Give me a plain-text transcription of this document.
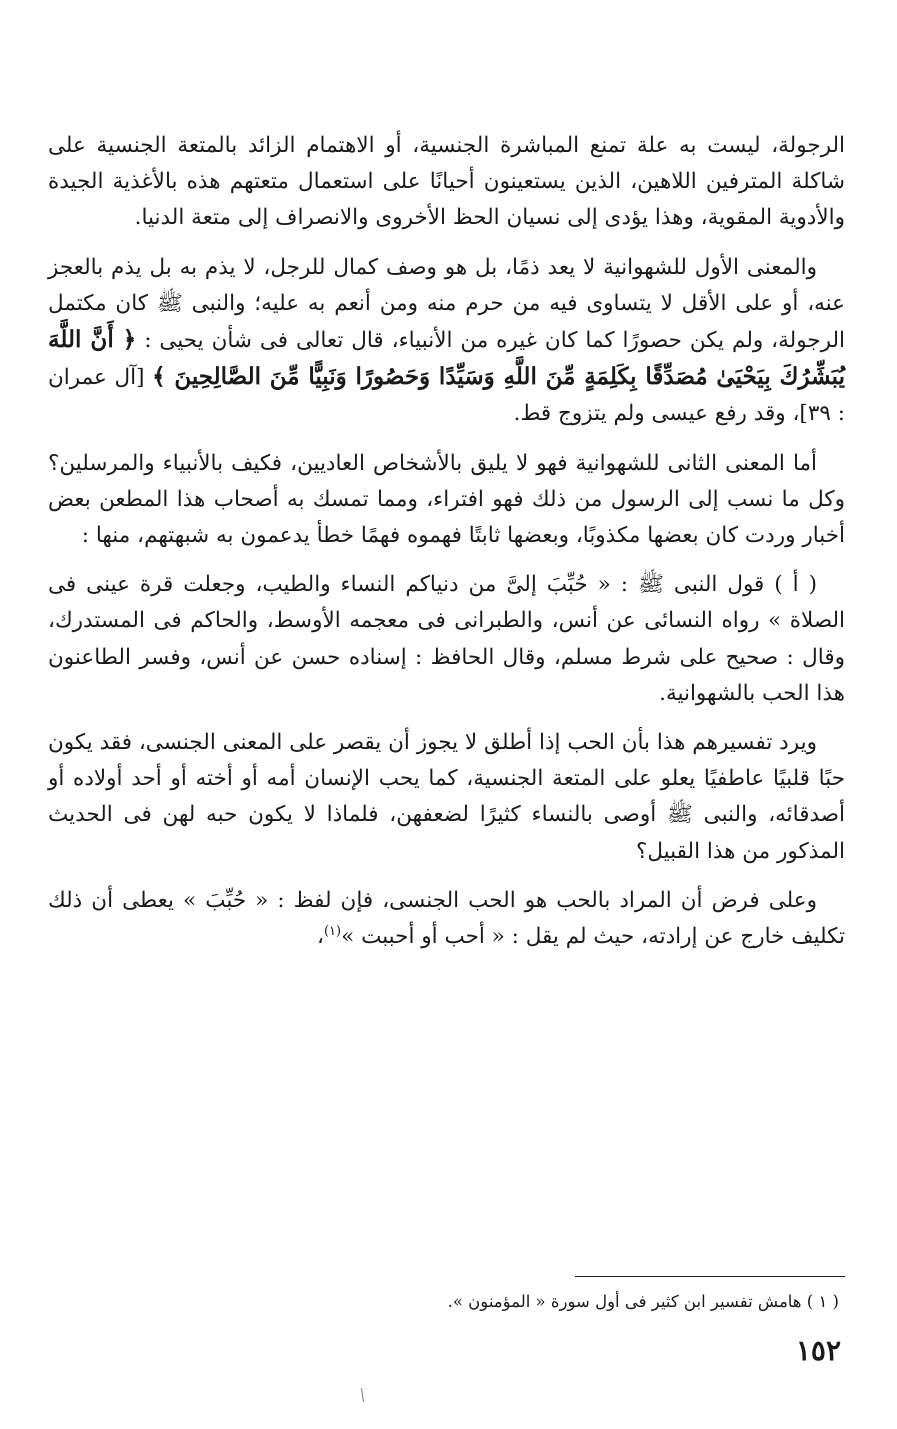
الرجولة، ليست به علة تمنع المباشرة الجنسية، أو الاهتمام الزائد بالمتعة الجنسية على شاكلة المترفين اللاهين، الذين يستعينون أحيانًا على استعمال متعتهم هذه بالأغذية الجيدة والأدوية المقوية، وهذا يؤدى إلى نسيان الحظ الأخروى والانصراف إلى متعة الدنيا.

والمعنى الأول للشهوانية لا يعد ذمًا، بل هو وصف كمال للرجل، لا يذم به بل يذم بالعجز عنه، أو على الأقل لا يتساوى فيه من حرم منه ومن أنعم به عليه؛ والنبى ﷺ كان مكتمل الرجولة، ولم يكن حصورًا كما كان غيره من الأنبياء، قال تعالى فى شأن يحيى : ﴿ أَنَّ اللَّهَ يُبَشِّرُكَ بِيَحْيَىٰ مُصَدِّقًا بِكَلِمَةٍ مِّنَ اللَّهِ وَسَيِّدًا وَحَصُورًا وَنَبِيًّا مِّنَ الصَّالِحِينَ ﴾ [آل عمران : ٣٩]، وقد رفع عيسى ولم يتزوج قط.

أما المعنى الثانى للشهوانية فهو لا يليق بالأشخاص العاديين، فكيف بالأنبياء والمرسلين؟ وكل ما نسب إلى الرسول من ذلك فهو افتراء، ومما تمسك به أصحاب هذا المطعن بعض أخبار وردت كان بعضها مكذوبًا، وبعضها ثابتًا فهموه فهمًا خطأ يدعمون به شبهتهم، منها :

( أ ) قول النبى ﷺ : « حُبِّبَ إلىَّ من دنياكم النساء والطيب، وجعلت قرة عينى فى الصلاة » رواه النسائى عن أنس، والطبرانى فى معجمه الأوسط، والحاكم فى المستدرك، وقال : صحيح على شرط مسلم، وقال الحافظ : إسناده حسن عن أنس، وفسر الطاعنون هذا الحب بالشهوانية.

ويرد تفسيرهم هذا بأن الحب إذا أطلق لا يجوز أن يقصر على المعنى الجنسى، فقد يكون حبًا قلبيًا عاطفيًا يعلو على المتعة الجنسية، كما يحب الإنسان أمه أو أخته أو أحد أولاده أو أصدقائه، والنبى ﷺ أوصى بالنساء كثيرًا لضعفهن، فلماذا لا يكون حبه لهن فى الحديث المذكور من هذا القبيل؟

وعلى فرض أن المراد بالحب هو الحب الجنسى، فإن لفظ : « حُبِّبَ » يعطى أن ذلك تكليف خارج عن إرادته، حيث لم يقل : « أحب أو أحببت »$^{(١)}$،

( ١ ) هامش تفسير ابن كثير فى أول سورة « المؤمنون ».
١٥٢
